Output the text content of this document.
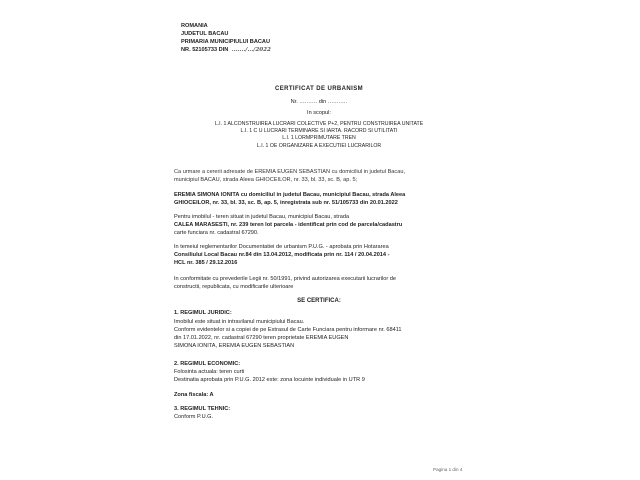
ROMANIA
JUDETUL BACAU
PRIMARIA MUNICIPIULUI BACAU
NR. 52105733 DIN  ......./.../2022
CERTIFICAT DE URBANISM
Nr. .......... din ...........
In scopul:
L.I. 1 ALCONSTRUIREA LUCRARI COLECTIVE P+2, PENTRU CONSTRUIREA UNITATE
L.I. 1 C U LUCRARI TERMINARE SI IARTA. RACORD SI UTILITATI
L.I. 1 LORMPRIMUTARE TREN
L.I. 1 OE ORGANIZARE A EXECUTIEI LUCRARILOR
Ca urmare a cererii adresate de EREMIA EUGEN SEBASTIAN cu domiciliul in judetul Bacau,
municipiul BACAU, strada Aleea GHIOCEILOR, nr. 33, bl. 33, sc. B, ap. 5;
EREMIA SIMONA IONITA cu domiciliul in judetul Bacau, municipiul Bacau, strada Aleea
GHIOCEILOR, nr. 33, bl. 33, sc. B, ap. 5, inregistrata sub nr. 51/105733 din 20.01.2022
Pentru imobilul - teren situat in judetul Bacau, municipiul Bacau, strada
CALEA MARASESTI, nr. 239 teren lot parcela - identificat prin cod de parcela/cadastru
carte funciara nr. cadastral 67290.
In temeiul reglementarilor Documentatiei de urbanism P.U.G. - aprobata prin Hotararea
Consiliului Local Bacau nr.84 din 13.04.2012, modificata prin nr. 114 / 20.04.2014 -
HCL nr. 385 / 29.12.2016
In conformitate cu prevederile Legii nr. 50/1991, privind autorizarea executarii lucrarilor de
constructii, republicata, cu modificarile ulterioare
SE CERTIFICA:
1. REGIMUL JURIDIC:
Imobilul este situat in intravilanul municipiului Bacau.
Conform evidentelor si a copiei de pe Extrasul de Carte Funciara pentru informare nr. 68411
din 17.01.2022, nr. cadastral 67290 teren proprietate EREMIA EUGEN
SIMONA IONITA, EREMIA EUGEN SEBASTIAN
2. REGIMUL ECONOMIC:
Folosinta actuala: teren curti
Destinatia aprobata prin P.U.G. 2012 este: zona locuinte individuale in UTR 9
Zona fiscala: A
3. REGIMUL TEHNIC:
Conform P.U.G.
Pagina 1 din 4
